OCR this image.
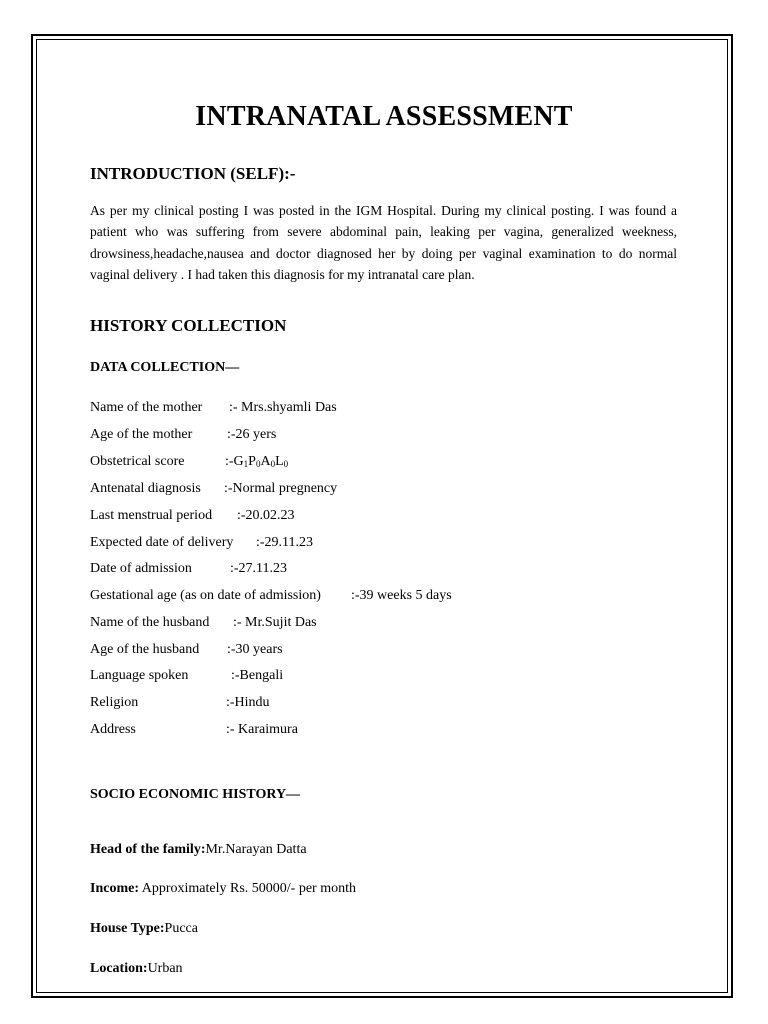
INTRANATAL ASSESSMENT
INTRODUCTION (SELF):-

As per my clinical posting I was posted in the IGM Hospital. During my clinical posting. I was found a patient who was suffering from severe abdominal pain, leaking per vagina, generalized weekness, drowsiness,headache,nausea and doctor diagnosed her by doing per vaginal examination to do normal vaginal delivery . I had taken this diagnosis for my intranatal care plan.

HISTORY COLLECTION
DATA COLLECTION—
Name of the mother :- Mrs.shyamli Das
Age of the mother :-26 yers
Obstetrical score	$:-G_1P_0A_0L_0$
Antenatal diagnosis :-Normal pregnency
Last menstrual period :-20.02.23
Expected date of delivery :-29.11.23
Date of admission	:-27.11.23
Gestational age (as on date of admission) :-39 weeks 5 days
Name of the husband :- Mr.Sujit Das
Age of the husband :-30 years
Language spoken	:-Bengali
Religion	:-Hindu
Address	:- Karaimura
SOCIO ECONOMIC HISTORY—
Head of the family:Mr.Narayan Datta
Income: Approximately Rs. 50000/- per month
House Type:Pucca
Location:Urban
